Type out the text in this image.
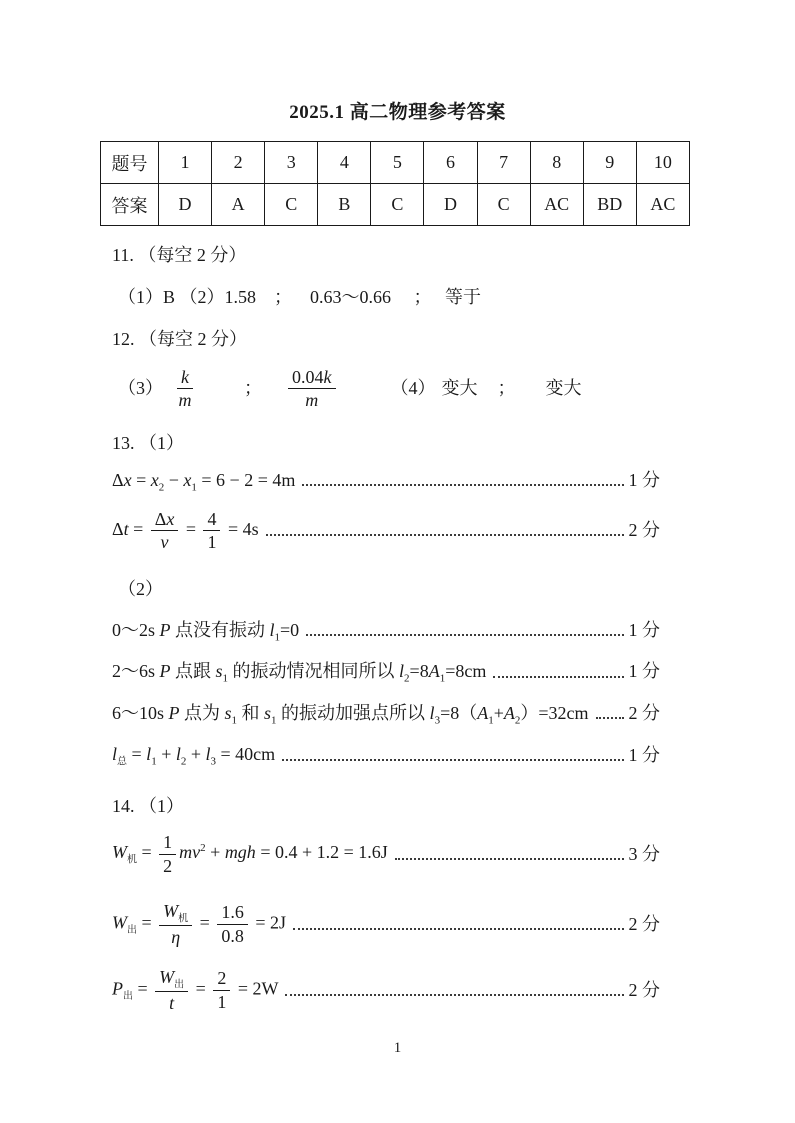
2025.1 高二物理参考答案
题号	1	2	3	4	5	6	7	8	9	10
答案	D	A	C	B	C	D	C	AC	BD	AC
11. （每空 2 分）
（1）B （2）1.58    ；    0.63～0.66     ；   等于
12. （每空 2 分）
$(3) \frac{k}{m}$	； $\frac{0.04k}{m}$	（4） 变大 ； 变大
13. （1）
$\Delta x = x_2 - x_1 = 6 - 2 = 4m$	1 分
$\Delta t = \frac{\Delta x}{v} = \frac{4}{1} = 4s$	2 分
（2）
0～2s P 点没有振动 $l_1=0$	1 分
2～6s P 点跟 $s_1$ 的振动情况相同所以 $l_2=8A_1=8cm$	1 分
6～10s P 点为 $s_1$ 和 $s_1$ 的振动加强点所以 $l_3=8(A_1+A_2)=32cm$ 2 分
$l_总 = l_1 + l_2 + l_3 = 40cm$	1 分
14. （1）
$W_机 = \frac{1}{2} mv^2$ + mgh = 0.4 + 1.2 = 1.6J	3 分
$W_出 = \frac{W_机}{\eta} = \frac{1.6}{0.8} = 2J$	2 分
$P_出 = \frac{W_出}{t} = \frac{2}{1} = 2W$	2 分
1
